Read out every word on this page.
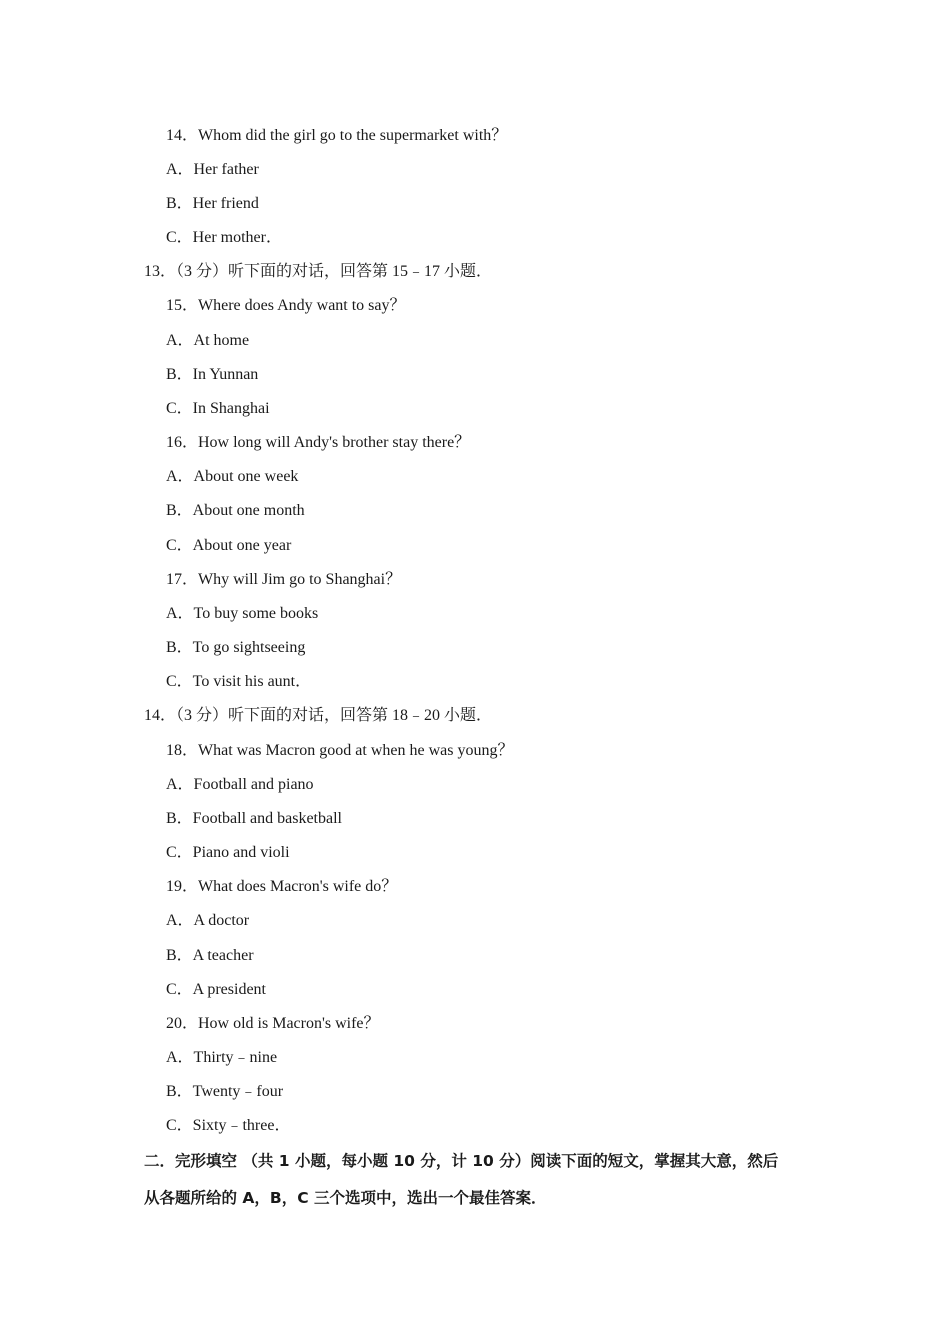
14．Whom did the girl go to the supermarket with？
A．Her father
B．Her friend
C．Her mother．
13．（3 分）听下面的对话，回答第 15﹣17 小题．
15．Where does Andy want to say？
A．At home
B．In Yunnan
C．In Shanghai
16．How long will Andy's brother stay there？
A．About one week
B．About one month
C．About one year
17．Why will Jim go to Shanghai？
A．To buy some books
B．To go sightseeing
C．To visit his aunt．
14．（3 分）听下面的对话，回答第 18﹣20 小题．
18．What was Macron good at when he was young？
A．Football and piano
B．Football and basketball
C．Piano and violi
19．What does Macron's wife do？
A．A doctor
B．A teacher
C．A president
20．How old is Macron's wife？
A．Thirty﹣nine
B．Twenty﹣four
C．Sixty﹣three．
二．完形填空 （共 1 小题，每小题 10 分，计 10 分）阅读下面的短文，掌握其大意，然后
从各题所给的 A，B，C 三个选项中，选出一个最佳答案．
